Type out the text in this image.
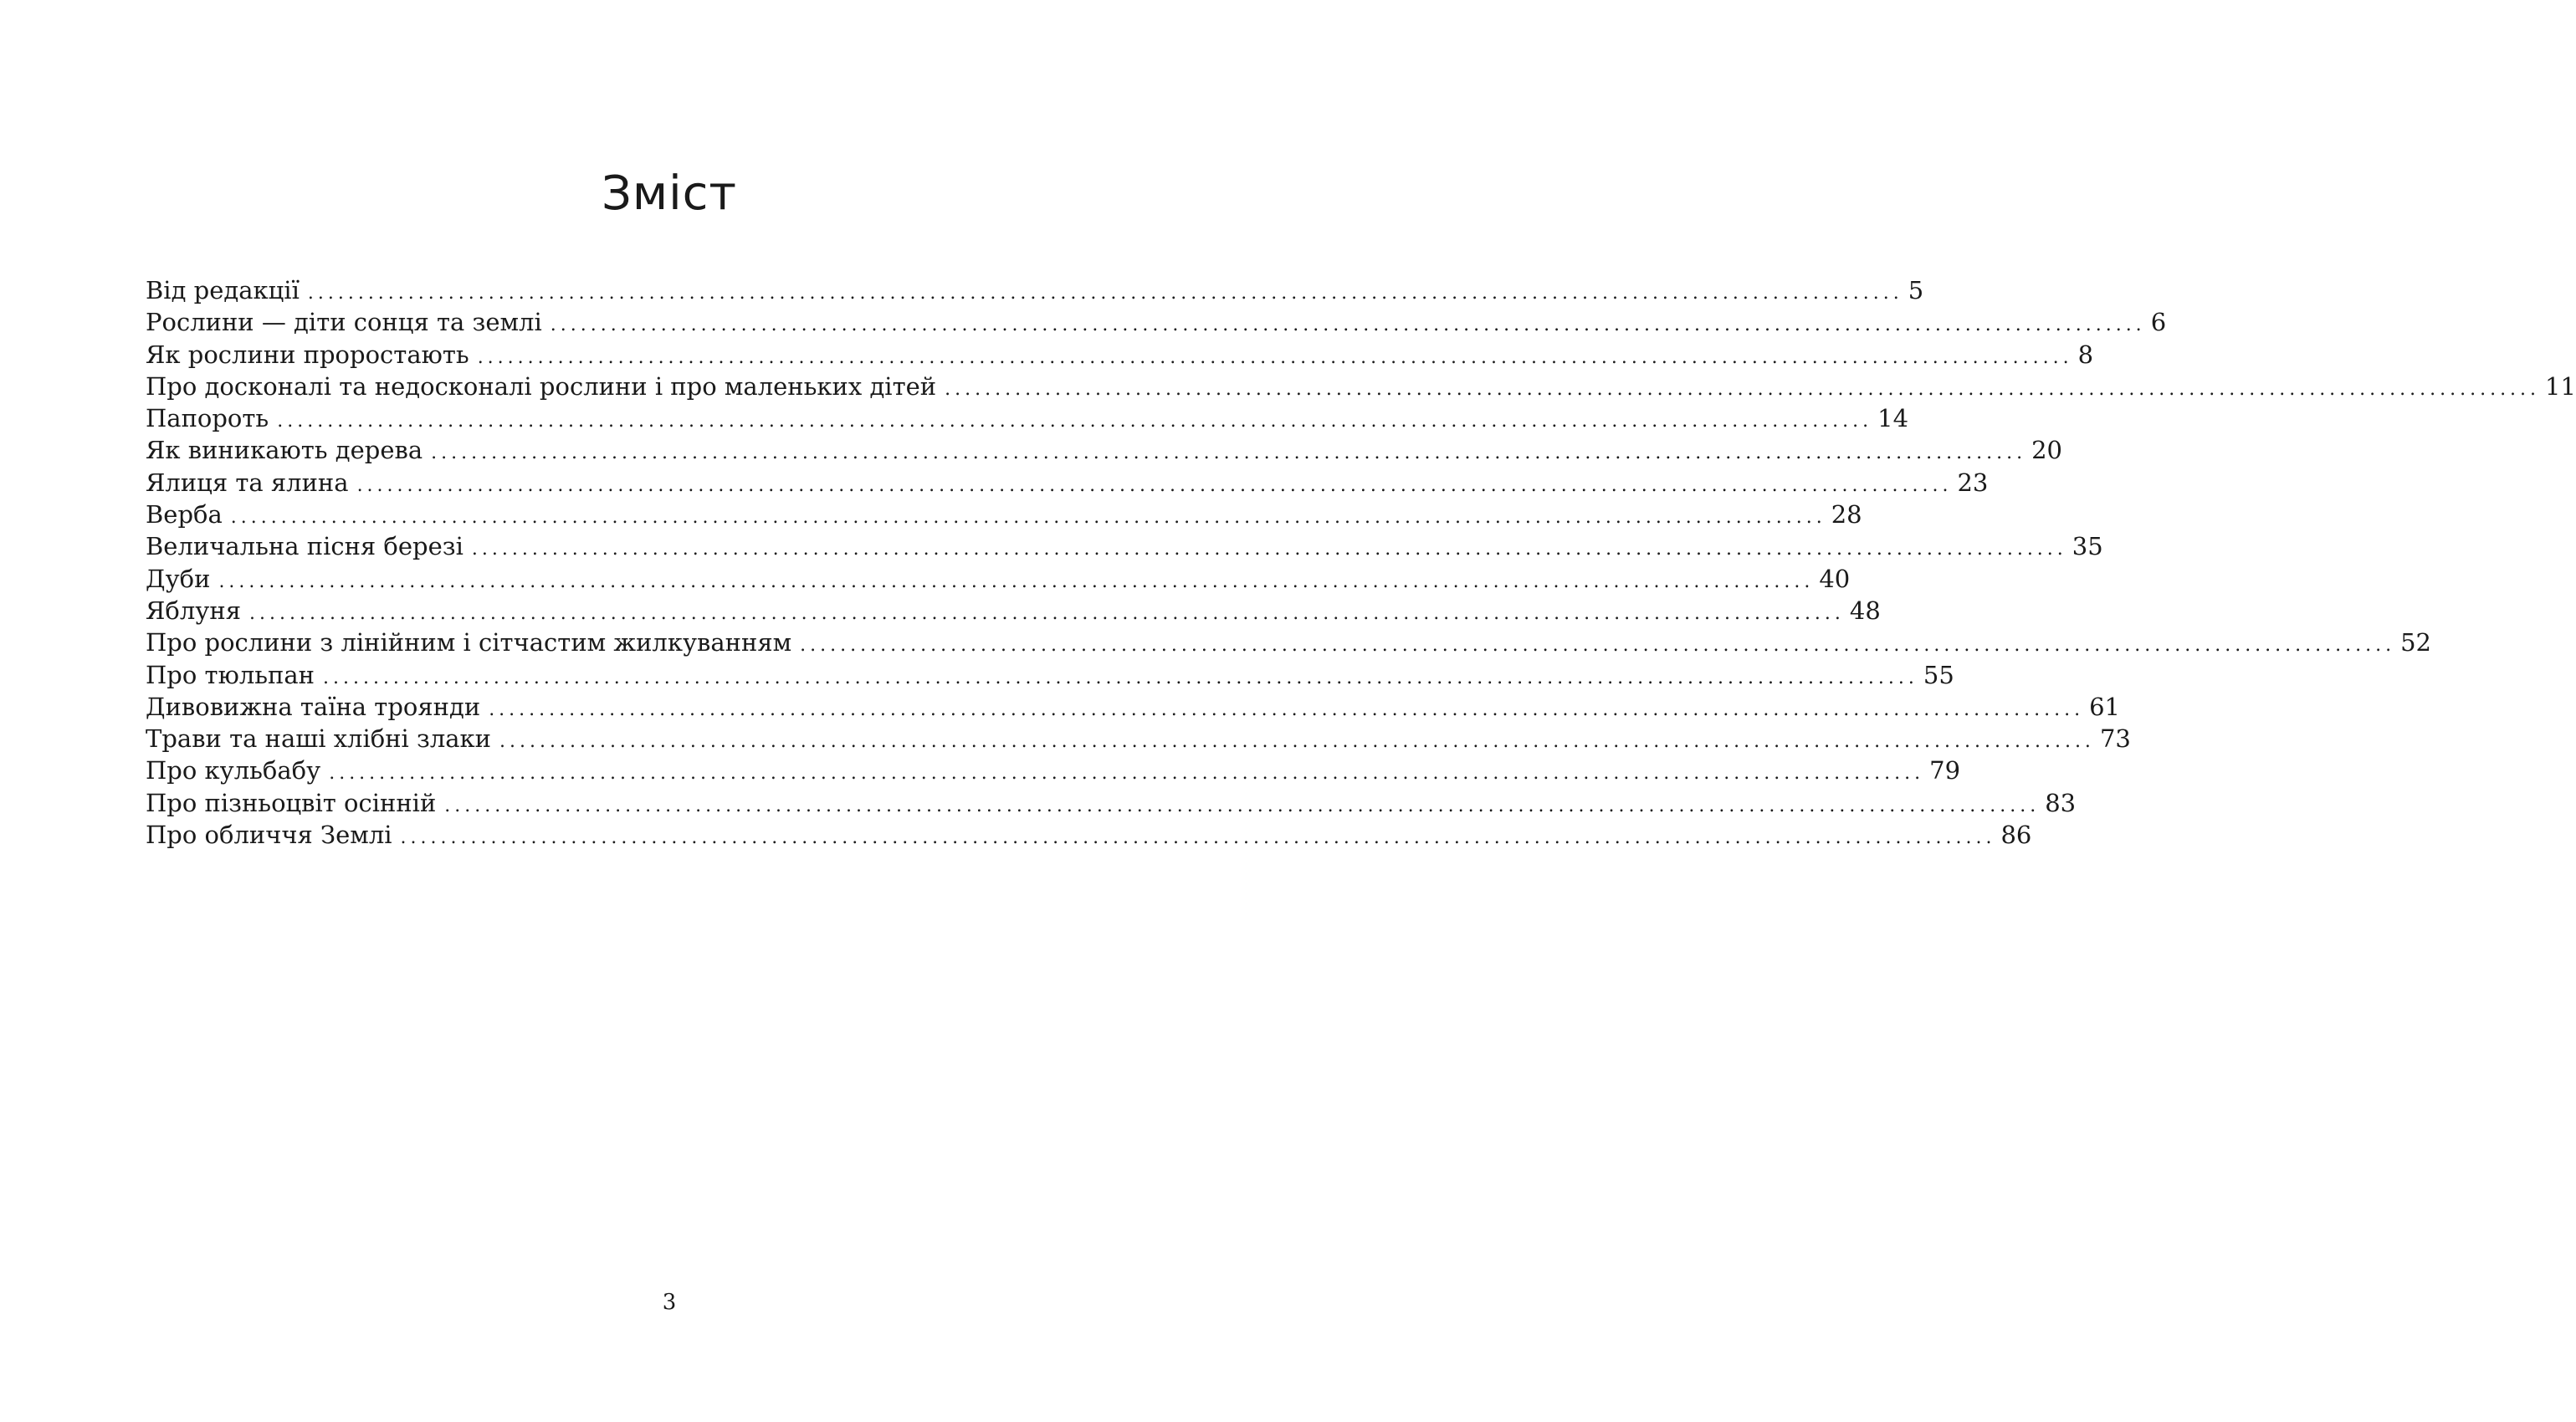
Зміст
Від редакції ............................................................................................................................................................... 5
Рослини — діти сонця та землі ............................................................................................................................................................... 6
Як рослини проростають ............................................................................................................................................................... 8
Про досконалі та недосконалі рослини і про маленьких дітей ............................................................................................................................................................... 11
Папороть ............................................................................................................................................................... 14
Як виникають дерева ............................................................................................................................................................... 20
Ялиця та ялина ............................................................................................................................................................... 23
Верба ............................................................................................................................................................... 28
Величальна пісня березі ............................................................................................................................................................... 35
Дуби ............................................................................................................................................................... 40
Яблуня ............................................................................................................................................................... 48
Про рослини з лінійним і сітчастим жилкуванням ............................................................................................................................................................... 52
Про тюльпан ............................................................................................................................................................... 55
Дивовижна таїна троянди ............................................................................................................................................................... 61
Трави та наші хлібні злаки ............................................................................................................................................................... 73
Про кульбабу ............................................................................................................................................................... 79
Про пізньоцвіт осінній ............................................................................................................................................................... 83
Про обличчя Землі ............................................................................................................................................................... 86
3
